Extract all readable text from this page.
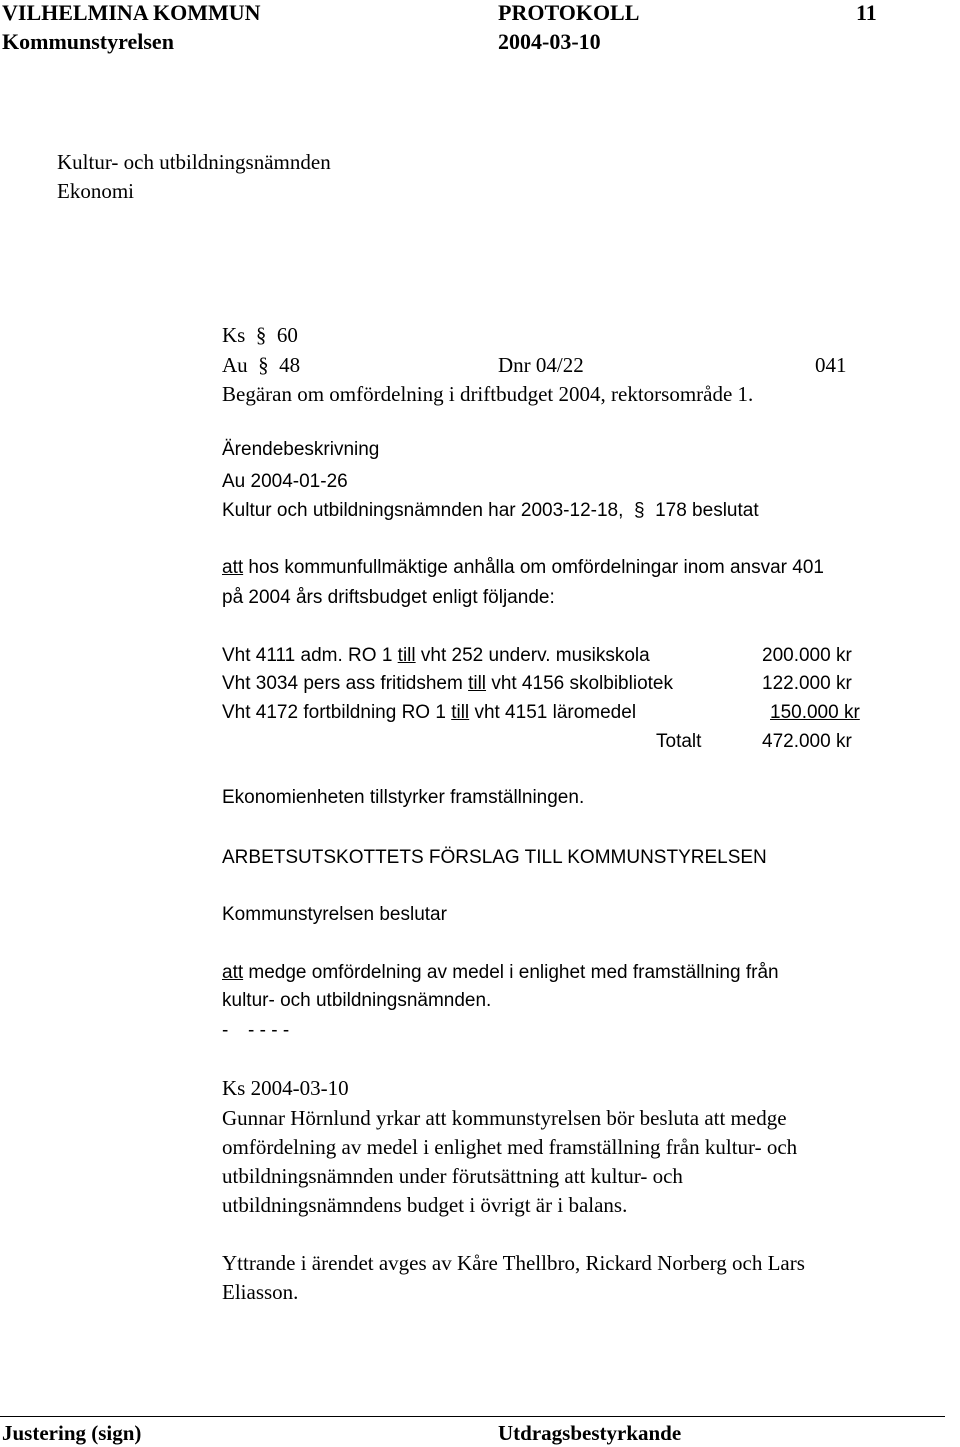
VILHELMINA KOMMUN	PROTOKOLL	11
Kommunstyrelsen	2004-03-10
Kultur- och utbildningsnämnden
Ekonomi
Ks  §  60
Au  §  48	Dnr 04/22	041
Begäran om omfördelning i driftbudget 2004, rektorsområde 1.
Ärendebeskrivning
Au 2004-01-26
Kultur och utbildningsnämnden har 2003-12-18,  §  178 beslutat
att hos kommunfullmäktige anhålla om omfördelningar inom ansvar 401
på 2004 års driftsbudget enligt följande:
Vht 4111 adm. RO 1 till vht 252 underv. musikskola	200.000 kr
Vht 3034 pers ass fritidshem till vht 4156 skolbibliotek	122.000 kr
Vht 4172 fortbildning RO 1 till vht 4151 läromedel	150.000 kr
Totalt	472.000 kr
Ekonomienheten tillstyrker framställningen.
ARBETSUTSKOTTETS FÖRSLAG TILL KOMMUNSTYRELSEN
Kommunstyrelsen beslutar
att medge omfördelning av medel i enlighet med framställning från
kultur- och utbildningsnämnden.
- - - - -
Ks 2004-03-10
Gunnar Hörnlund yrkar att kommunstyrelsen bör besluta att medge
omfördelning av medel i enlighet med framställning från kultur- och
utbildningsnämnden under förutsättning att kultur- och
utbildningsnämndens budget i övrigt är i balans.
Yttrande i ärendet avges av Kåre Thellbro, Rickard Norberg och Lars
Eliasson.
Justering (sign)	Utdragsbestyrkande
